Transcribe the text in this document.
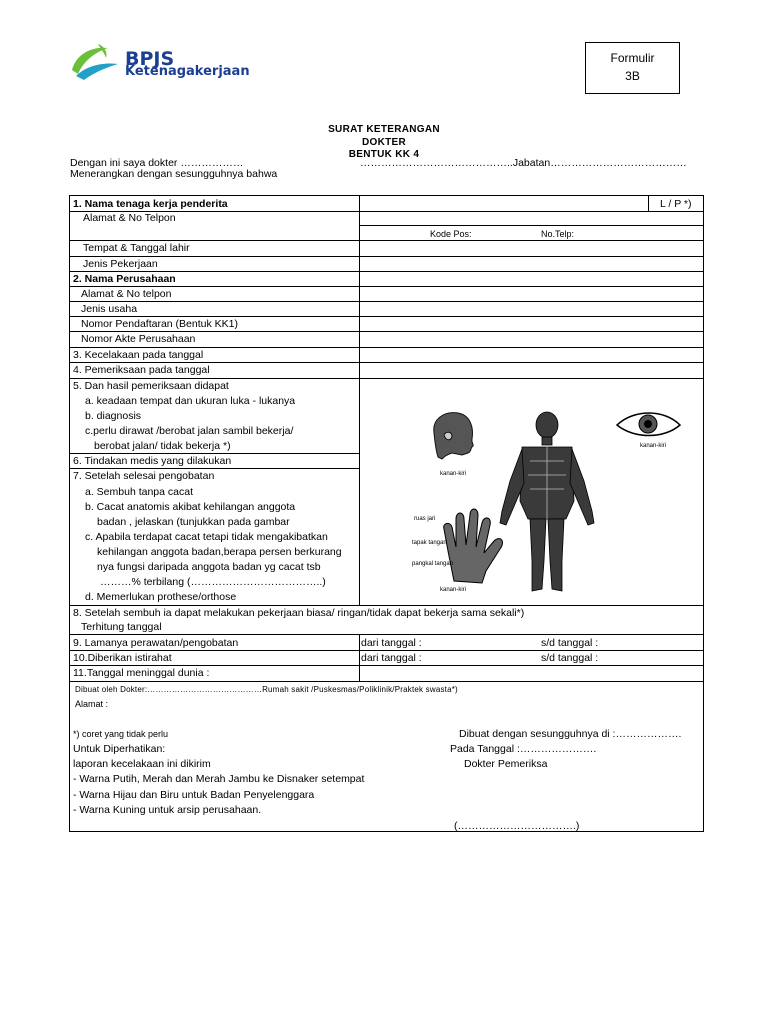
BPJS
Ketenagakerjaan
Formulir
3B
SURAT KETERANGAN
DOKTER
BENTUK KK 4
Dengan ini saya dokter ………………	……………………………………..Jabatan…………………………………
Menerangkan dengan sesungguhnya bahwa
1. Nama tenaga kerja penderita	L / P *)
Alamat & No Telpon
Kode Pos:	No.Telp:
Tempat & Tanggal lahir
Jenis Pekerjaan
2. Nama Perusahaan
Alamat & No telpon
Jenis usaha
Nomor Pendaftaran (Bentuk KK1)
Nomor Akte Perusahaan
3. Kecelakaan pada tanggal
4. Pemeriksaan pada tanggal
5. Dan hasil pemeriksaan didapat
a. keadaan tempat dan ukuran luka - lukanya
b. diagnosis
c.perlu dirawat /berobat jalan sambil bekerja/
berobat jalan/ tidak bekerja *)
6. Tindakan medis yang dilakukan
7. Setelah selesai pengobatan
a. Sembuh tanpa cacat
b. Cacat anatomis akibat kehilangan anggota
badan , jelaskan (tunjukkan pada gambar
c. Apabila terdapat cacat tetapi tidak mengakibatkan
kehilangan anggota badan,berapa persen berkurang
nya fungsi daripada anggota badan yg cacat tsb
………% terbilang (………………………………..)
d. Memerlukan prothese/orthose
8. Setelah sembuh ia dapat melakukan pekerjaan biasa/ ringan/tidak dapat bekerja sama sekali*)
Terhitung tanggal
9. Lamanya perawatan/pengobatan	dari tanggal :	s/d tanggal :
10.Diberikan istirahat	dari tanggal :	s/d tanggal :
11.Tanggal meninggal dunia :
Dibuat oleh Dokter:……………………………………Rumah sakit /Puskesmas/Poliklinik/Praktek swasta*)
Alamat :
*) coret yang tidak perlu	Dibuat dengan sesungguhnya di :……………….
Untuk Diperhatikan:	Pada Tanggal :………………….
laporan kecelakaan ini dikirim	Dokter Pemeriksa
- Warna Putih, Merah dan Merah Jambu ke Disnaker setempat
- Warna Hijau dan Biru untuk Badan Penyelenggara
- Warna Kuning untuk arsip perusahaan.
(…………………………….)
kanan-kiri
kanan-kiri
ruas jari
tapak tangan
pangkal tangan
kanan-kiri
